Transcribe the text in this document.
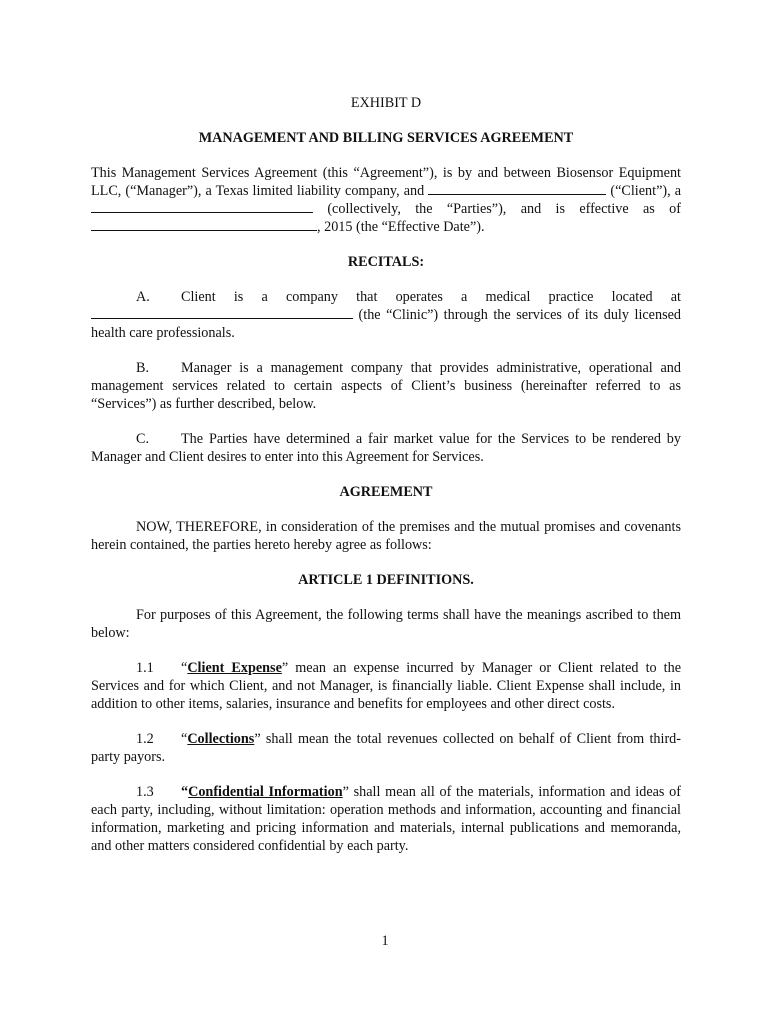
EXHIBIT D
MANAGEMENT AND BILLING SERVICES AGREEMENT
This Management Services Agreement (this “Agreement”), is by and between Biosensor Equipment LLC, (“Manager”), a Texas limited liability company, and	(“Client”), a  (collectively, the “Parties”), and is effective as of , 2015 (the “Effective Date”).
RECITALS:
A. Client is a company that operates a medical practice located at  (the “Clinic”) through the services of its duly licensed health care professionals.
B. Manager is a management company that provides administrative, operational and management services related to certain aspects of Client’s business (hereinafter referred to as “Services”) as further described, below.
C. The Parties have determined a fair market value for the Services to be rendered by Manager and Client desires to enter into this Agreement for Services.
AGREEMENT
NOW, THEREFORE, in consideration of the premises and the mutual promises and covenants herein contained, the parties hereto hereby agree as follows:
ARTICLE 1 DEFINITIONS.
For purposes of this Agreement, the following terms shall have the meanings ascribed to them below:
1.1 “Client Expense” mean an expense incurred by Manager or Client related to the Services and for which Client, and not Manager, is financially liable. Client Expense shall include, in addition to other items, salaries, insurance and benefits for employees and other direct costs.
1.2 “Collections” shall mean the total revenues collected on behalf of Client from third-party payors.
1.3 “Confidential Information” shall mean all of the materials, information and ideas of each party, including, without limitation: operation methods and information, accounting and financial information, marketing and pricing information and materials, internal publications and memoranda, and other matters considered confidential by each party.
1
